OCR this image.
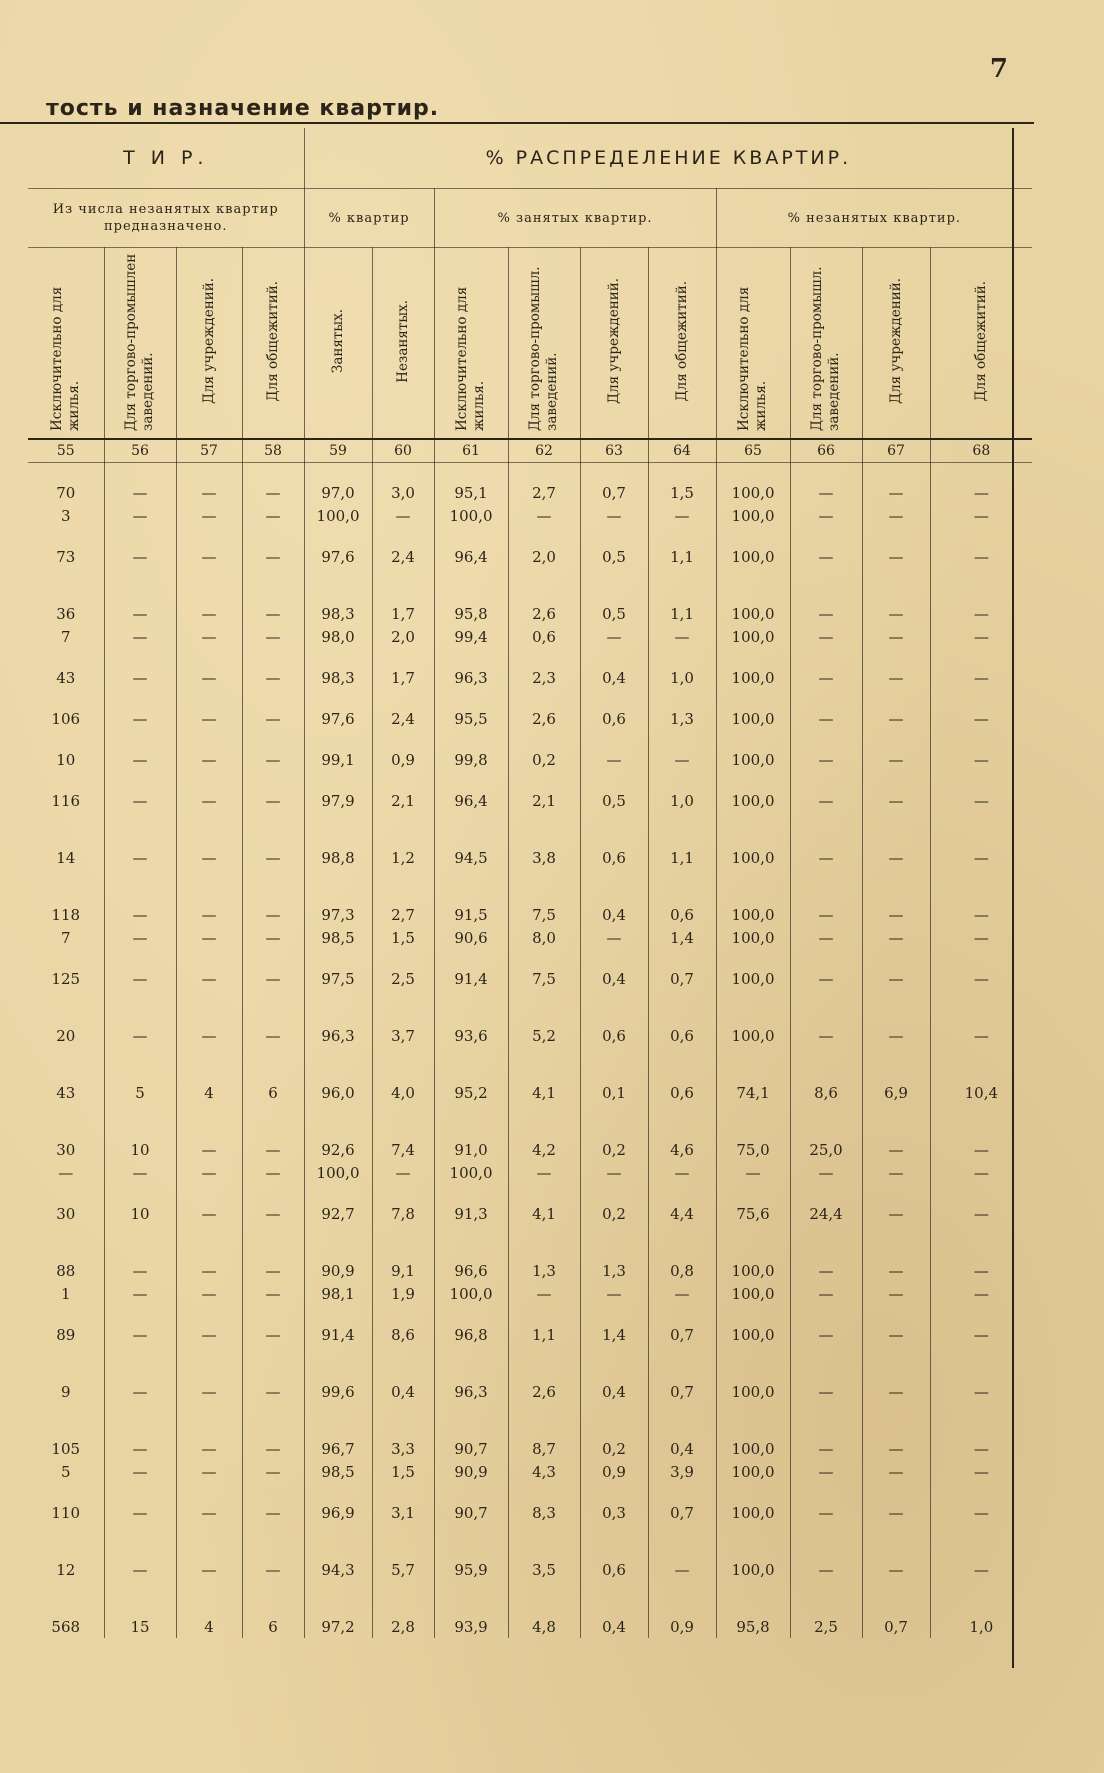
7
тость и назначение квартир.
Т И Р.				% РАСПРЕДЕЛЕНИЕ КВАРТИР.									
Из числа незанятых квартир предназначено.				% квартир		% занятых квартир.				% незанятых квартир.			
Исключительно для жилья.	Для торгово-промышлен заведений.	Для учреждений.	Для общежитий.	Занятых.	Незанятых.	Исключительно для жилья.	Для торгово-промышл. заведений.	Для учреждений.	Для общежитий.	Исключительно для жилья.	Для торгово-промышл. заведений.	Для учреждений.	Для общежитий.
55	56	57	58	59	60	61	62	63	64	65	66	67	68

70	—	—	—	97,0	3,0	95,1	2,7	0,7	1,5	100,0	—	—	—
3	—	—	—	100,0	—	100,0	—	—	—	100,0	—	—	—

73	—	—	—	97,6	2,4	96,4	2,0	0,5	1,1	100,0	—	—	—

36	—	—	—	98,3	1,7	95,8	2,6	0,5	1,1	100,0	—	—	—
7	—	—	—	98,0	2,0	99,4	0,6	—	—	100,0	—	—	—

43	—	—	—	98,3	1,7	96,3	2,3	0,4	1,0	100,0	—	—	—

106	—	—	—	97,6	2,4	95,5	2,6	0,6	1,3	100,0	—	—	—

10	—	—	—	99,1	0,9	99,8	0,2	—	—	100,0	—	—	—

116	—	—	—	97,9	2,1	96,4	2,1	0,5	1,0	100,0	—	—	—

14	—	—	—	98,8	1,2	94,5	3,8	0,6	1,1	100,0	—	—	—

118	—	—	—	97,3	2,7	91,5	7,5	0,4	0,6	100,0	—	—	—
7	—	—	—	98,5	1,5	90,6	8,0	—	1,4	100,0	—	—	—

125	—	—	—	97,5	2,5	91,4	7,5	0,4	0,7	100,0	—	—	—

20	—	—	—	96,3	3,7	93,6	5,2	0,6	0,6	100,0	—	—	—

43	5	4	6	96,0	4,0	95,2	4,1	0,1	0,6	74,1	8,6	6,9	10,4

30	10	—	—	92,6	7,4	91,0	4,2	0,2	4,6	75,0	25,0	—	—
—	—	—	—	100,0	—	100,0	—	—	—	—	—	—	—

30	10	—	—	92,7	7,8	91,3	4,1	0,2	4,4	75,6	24,4	—	—

88	—	—	—	90,9	9,1	96,6	1,3	1,3	0,8	100,0	—	—	—
1	—	—	—	98,1	1,9	100,0	—	—	—	100,0	—	—	—

89	—	—	—	91,4	8,6	96,8	1,1	1,4	0,7	100,0	—	—	—

9	—	—	—	99,6	0,4	96,3	2,6	0,4	0,7	100,0	—	—	—

105	—	—	—	96,7	3,3	90,7	8,7	0,2	0,4	100,0	—	—	—
5	—	—	—	98,5	1,5	90,9	4,3	0,9	3,9	100,0	—	—	—

110	—	—	—	96,9	3,1	90,7	8,3	0,3	0,7	100,0	—	—	—

12	—	—	—	94,3	5,7	95,9	3,5	0,6	—	100,0	—	—	—

568	15	4	6	97,2	2,8	93,9	4,8	0,4	0,9	95,8	2,5	0,7	1,0
